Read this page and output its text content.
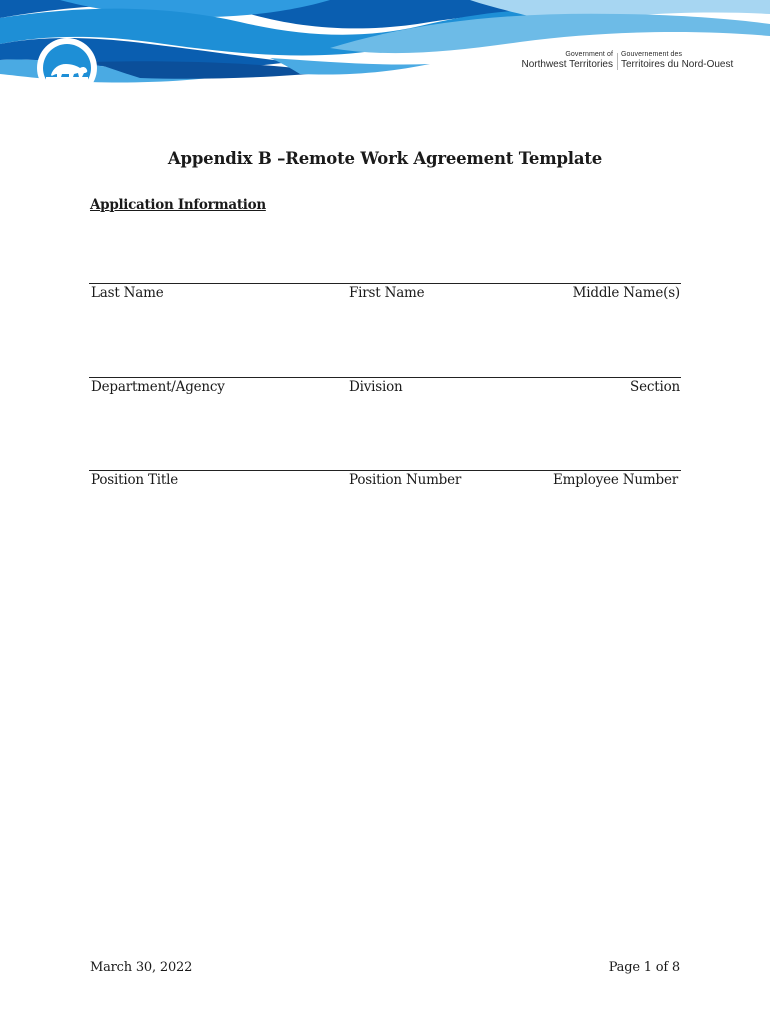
Government of
Northwest Territories
Gouvernement des
Territoires du Nord-Ouest
Appendix B –Remote Work Agreement Template
Application Information
Last Name	First Name	Middle Name(s)
Department/Agency	Division	Section
Position Title	Position Number	Employee Number
March 30, 2022	Page 1 of 8
